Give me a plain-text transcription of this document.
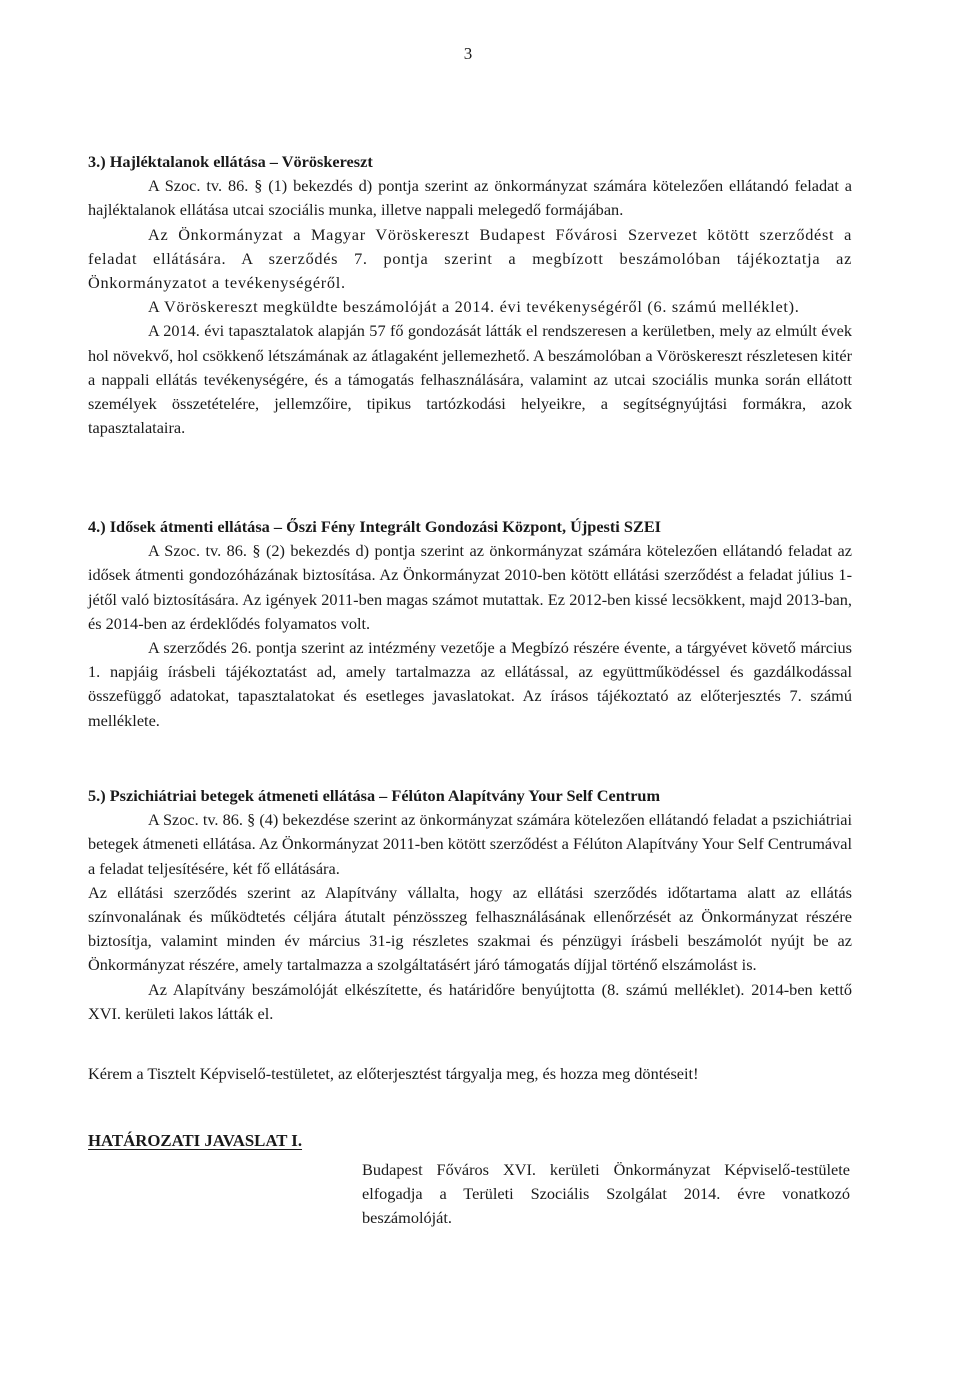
3

3.) Hajléktalanok ellátása – Vöröskereszt

A Szoc. tv. 86. § (1) bekezdés d) pontja szerint az önkormányzat számára kötelezően ellátandó feladat a hajléktalanok ellátása utcai szociális munka, illetve nappali melegedő formájában.

Az Önkormányzat a Magyar Vöröskereszt Budapest Fővárosi Szervezet kötött szerződést a feladat ellátására. A szerződés 7. pontja szerint a megbízott beszámolóban tájékoztatja az Önkormányzatot a tevékenységéről.

A Vöröskereszt megküldte beszámolóját a 2014. évi tevékenységéről (6. számú melléklet).

A 2014. évi tapasztalatok alapján 57 fő gondozását látták el rendszeresen a kerületben, mely az elmúlt évek hol növekvő, hol csökkenő létszámának az átlagaként jellemezhető. A beszámolóban a Vöröskereszt részletesen kitér a nappali ellátás tevékenységére, és a támogatás felhasználására, valamint az utcai szociális munka során ellátott személyek összetételére, jellemzőire, tipikus tartózkodási helyeikre, a segítségnyújtási formákra, azok tapasztalataira.

4.) Idősek átmenti ellátása – Őszi Fény Integrált Gondozási Központ, Újpesti SZEI

A Szoc. tv. 86. § (2) bekezdés d) pontja szerint az önkormányzat számára kötelezően ellátandó feladat az idősek átmenti gondozóházának biztosítása. Az Önkormányzat 2010-ben kötött ellátási szerződést a feladat július 1-jétől való biztosítására. Az igények 2011-ben magas számot mutattak. Ez 2012-ben kissé lecsökkent, majd 2013-ban, és 2014-ben az érdeklődés folyamatos volt.

A szerződés 26. pontja szerint az intézmény vezetője a Megbízó részére évente, a tárgyévet követő március 1. napjáig írásbeli tájékoztatást ad, amely tartalmazza az ellátással, az együttműködéssel és gazdálkodással összefüggő adatokat, tapasztalatokat és esetleges javaslatokat. Az írásos tájékoztató az előterjesztés 7. számú melléklete.

5.) Pszichiátriai betegek átmeneti ellátása – Félúton Alapítvány Your Self Centrum

A Szoc. tv. 86. § (4) bekezdése szerint az önkormányzat számára kötelezően ellátandó feladat a pszichiátriai betegek átmeneti ellátása. Az Önkormányzat 2011-ben kötött szerződést a Félúton Alapítvány Your Self Centrumával a feladat teljesítésére, két fő ellátására.

Az ellátási szerződés szerint az Alapítvány vállalta, hogy az ellátási szerződés időtartama alatt az ellátás színvonalának és működtetés céljára átutalt pénzösszeg felhasználásának ellenőrzését az Önkormányzat részére biztosítja, valamint minden év március 31-ig részletes szakmai és pénzügyi írásbeli beszámolót nyújt be az Önkormányzat részére, amely tartalmazza a szolgáltatásért járó támogatás díjjal történő elszámolást is.

Az Alapítvány beszámolóját elkészítette, és határidőre benyújtotta (8. számú melléklet). 2014-ben kettő XVI. kerületi lakos látták el.

Kérem a Tisztelt Képviselő-testületet, az előterjesztést tárgyalja meg, és hozza meg döntéseit!
HATÁROZATI JAVASLAT I.
Budapest Főváros XVI. kerületi Önkormányzat Képviselő-testülete elfogadja a Területi Szociális Szolgálat 2014. évre vonatkozó beszámolóját.
